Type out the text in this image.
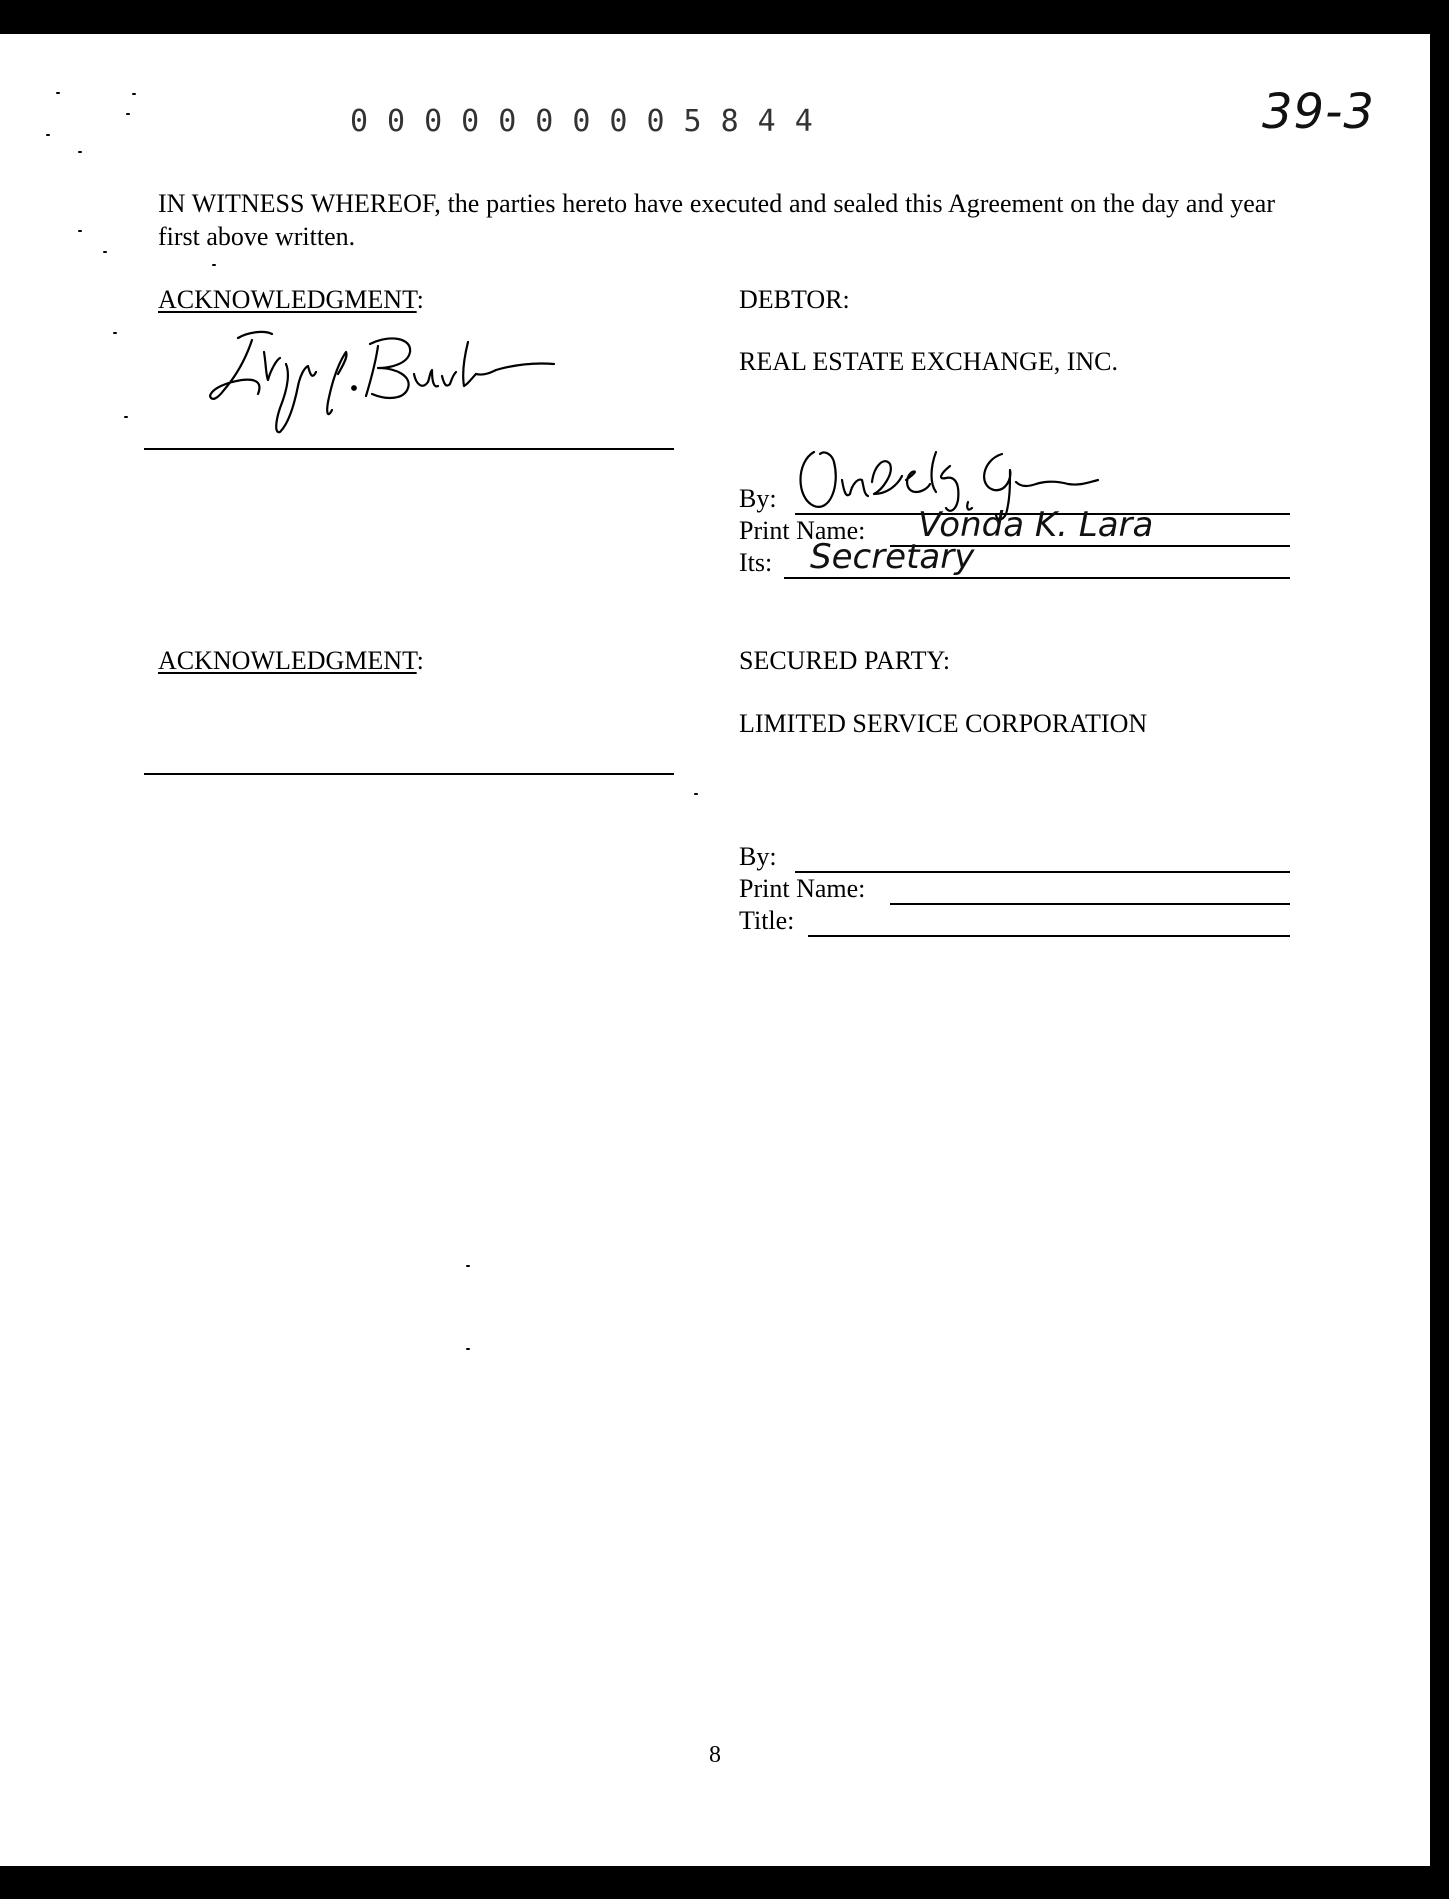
0000000005844	39-3
IN WITNESS WHEREOF, the parties hereto have executed and sealed this Agreement on the day and year first above written.
ACKNOWLEDGMENT:
ACKNOWLEDGMENT:
DEBTOR:
REAL ESTATE EXCHANGE, INC.
By:
Print Name: Vonda K. Lara
Its: Secretary
SECURED PARTY:
LIMITED SERVICE CORPORATION
By:
Print Name:
Title:
8
